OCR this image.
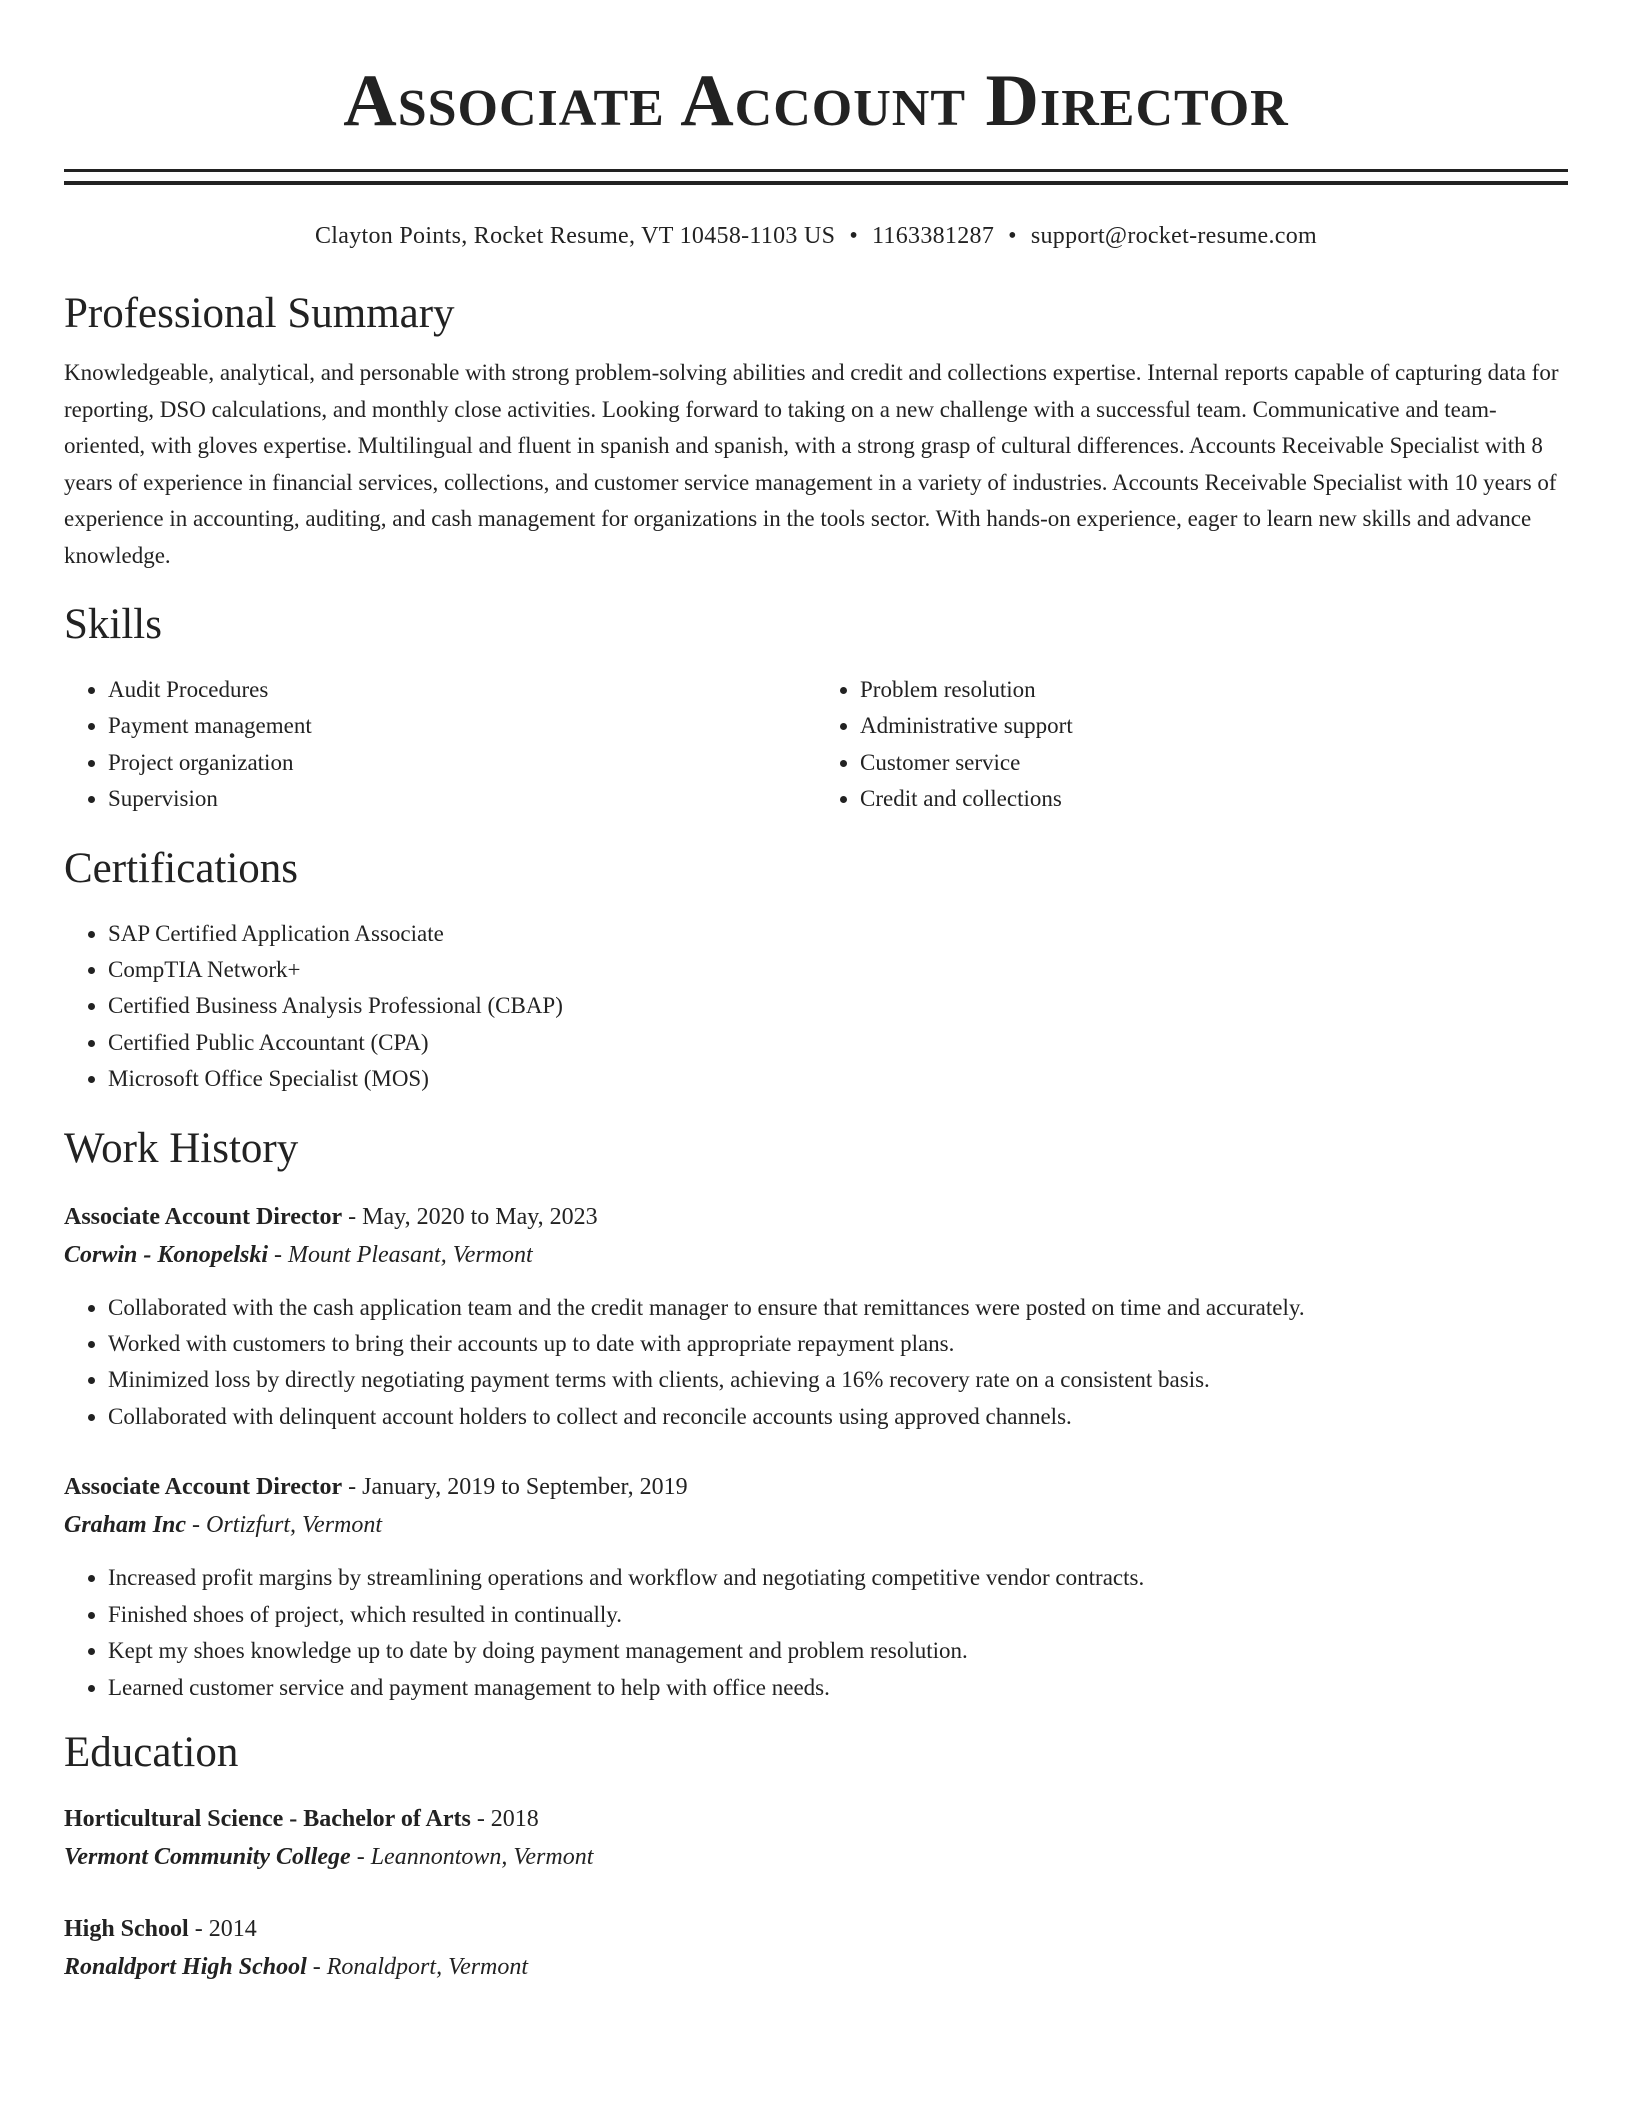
Associate Account Director
Clayton Points, Rocket Resume, VT 10458-1103 US • 1163381287 • support@rocket-resume.com
Professional Summary

Knowledgeable, analytical, and personable with strong problem-solving abilities and credit and collections expertise. Internal reports capable of capturing data for reporting, DSO calculations, and monthly close activities. Looking forward to taking on a new challenge with a successful team. Communicative and team-oriented, with gloves expertise. Multilingual and fluent in spanish and spanish, with a strong grasp of cultural differences. Accounts Receivable Specialist with 8 years of experience in financial services, collections, and customer service management in a variety of industries. Accounts Receivable Specialist with 10 years of experience in accounting, auditing, and cash management for organizations in the tools sector. With hands-on experience, eager to learn new skills and advance knowledge.

Skills
• Audit Procedures
• Payment management
• Project organization
• Supervision
• Problem resolution
• Administrative support
• Customer service
• Credit and collections
Certifications
• SAP Certified Application Associate
• CompTIA Network+
• Certified Business Analysis Professional (CBAP)
• Certified Public Accountant (CPA)
• Microsoft Office Specialist (MOS)
Work History
Associate Account Director - May, 2020 to May, 2023
Corwin - Konopelski - Mount Pleasant, Vermont
• Collaborated with the cash application team and the credit manager to ensure that remittances were posted on time and accurately.
• Worked with customers to bring their accounts up to date with appropriate repayment plans.
• Minimized loss by directly negotiating payment terms with clients, achieving a 16% recovery rate on a consistent basis.
• Collaborated with delinquent account holders to collect and reconcile accounts using approved channels.
Associate Account Director - January, 2019 to September, 2019
Graham Inc - Ortizfurt, Vermont
• Increased profit margins by streamlining operations and workflow and negotiating competitive vendor contracts.
• Finished shoes of project, which resulted in continually.
• Kept my shoes knowledge up to date by doing payment management and problem resolution.
• Learned customer service and payment management to help with office needs.
Education
Horticultural Science - Bachelor of Arts - 2018
Vermont Community College - Leannontown, Vermont
High School - 2014
Ronaldport High School - Ronaldport, Vermont
